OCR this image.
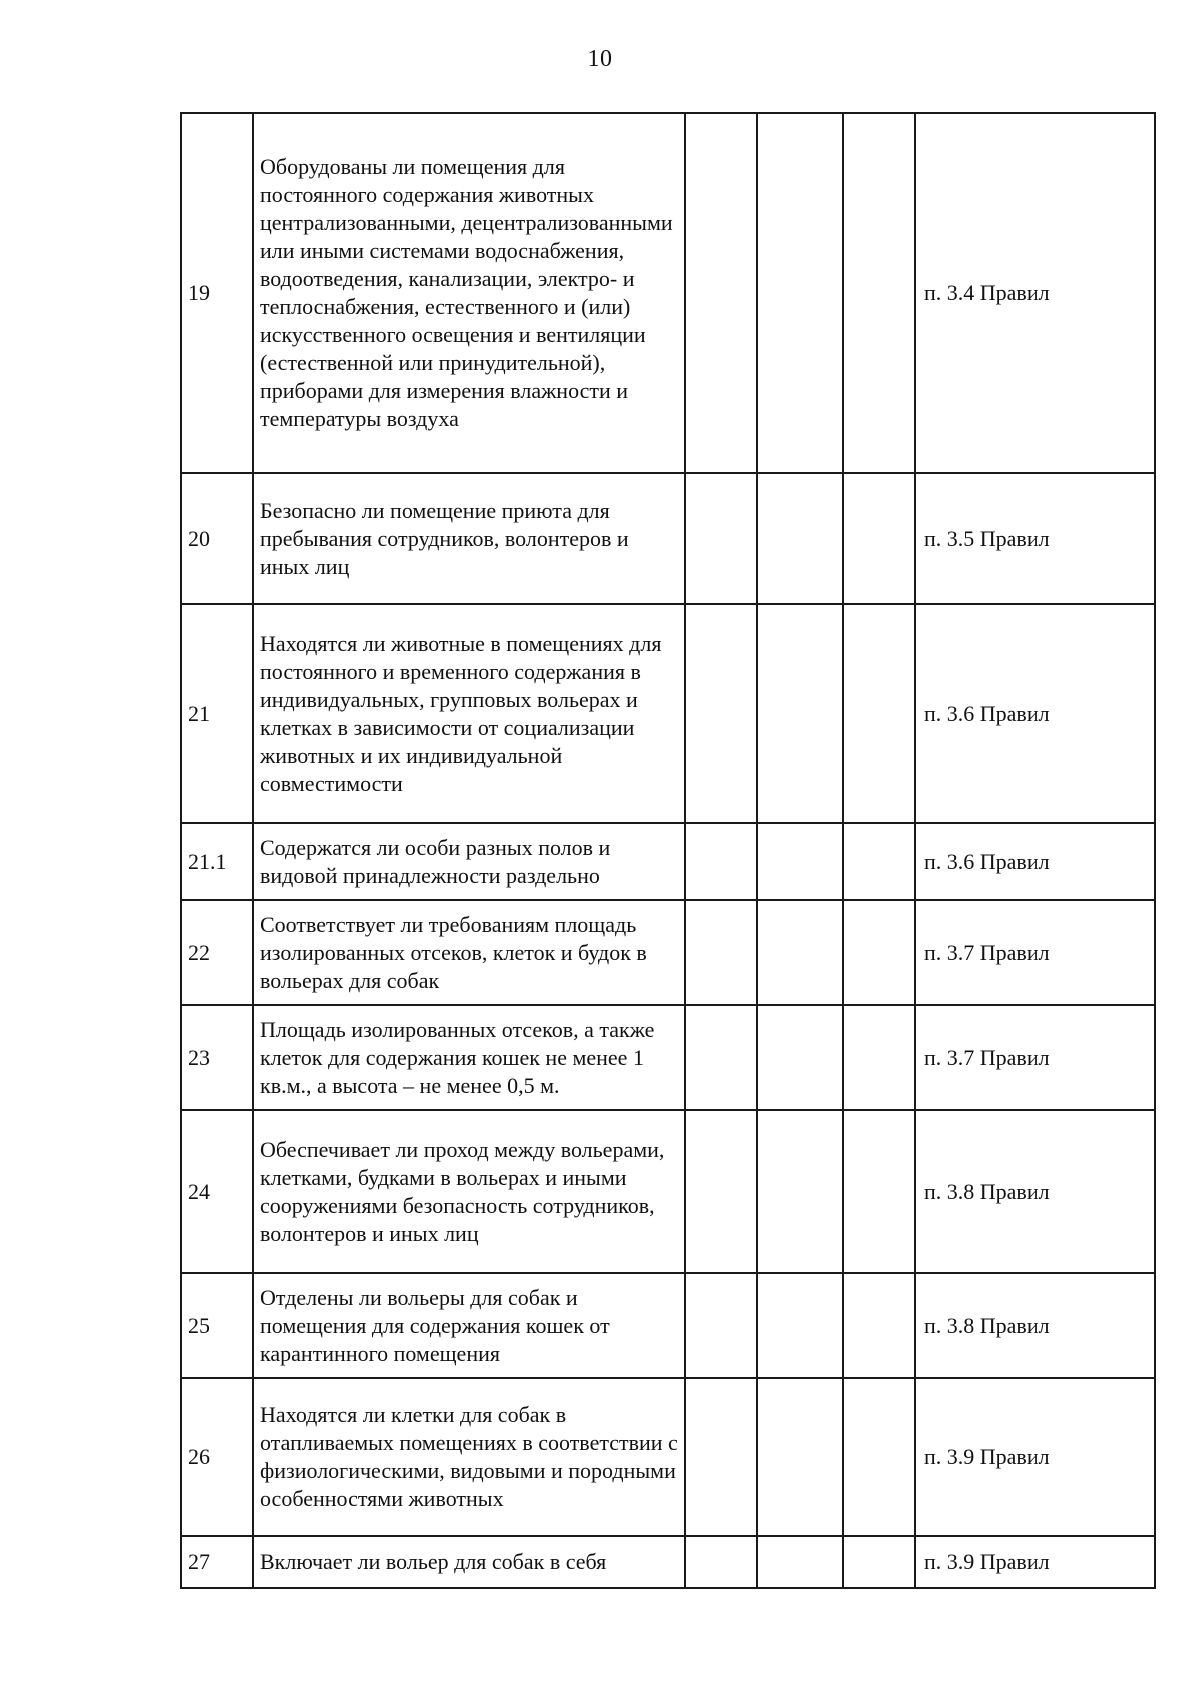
10
19	Оборудованы ли помещения для постоянного содержания животных централизованными, децентрализованными или иными системами водоснабжения, водоотведения, канализации, электро- и теплоснабжения, естественного и (или) искусственного освещения и вентиляции (естественной или принудительной), приборами для измерения влажности и температуры воздуха				п. 3.4 Правил
20	Безопасно ли помещение приюта для пребывания сотрудников, волонтеров и иных лиц				п. 3.5 Правил
21	Находятся ли животные в помещениях для постоянного и временного содержания в индивидуальных, групповых вольерах и клетках в зависимости от социализации животных и их индивидуальной совместимости				п. 3.6 Правил
21.1	Содержатся ли особи разных полов и видовой принадлежности раздельно				п. 3.6 Правил
22	Соответствует ли требованиям площадь изолированных отсеков, клеток и будок в вольерах для собак				п. 3.7 Правил
23	Площадь изолированных отсеков, а также клеток для содержания кошек не менее 1 кв.м., а высота – не менее 0,5 м.				п. 3.7 Правил
24	Обеспечивает ли проход между вольерами, клетками, будками в вольерах и иными сооружениями безопасность сотрудников, волонтеров и иных лиц				п. 3.8 Правил
25	Отделены ли вольеры для собак и помещения для содержания кошек от карантинного помещения				п. 3.8 Правил
26	Находятся ли клетки для собак в отапливаемых помещениях в соответствии с физиологическими, видовыми и породными особенностями животных				п. 3.9 Правил
27	Включает ли вольер для собак в себя				п. 3.9 Правил
